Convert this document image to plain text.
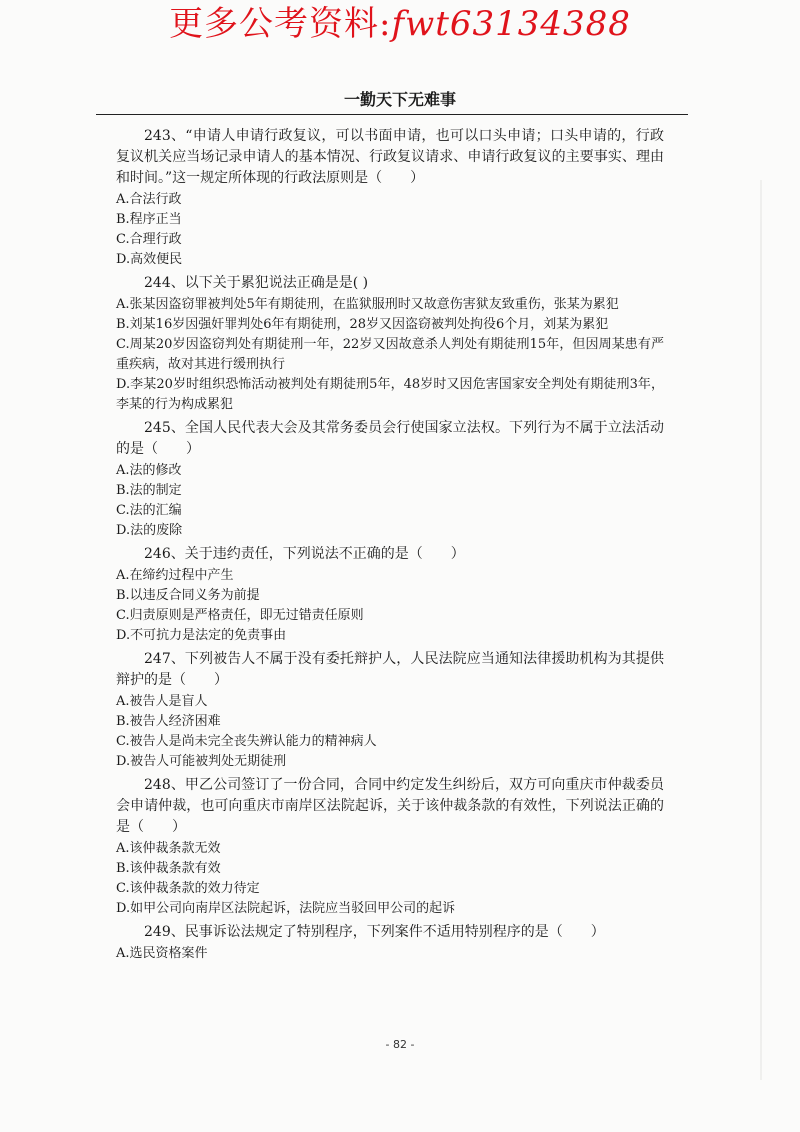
更多公考资料:fwt63134388
一勤天下无难事

243、“申请人申请行政复议，可以书面申请，也可以口头申请；口头申请的，行政复议机关应当场记录申请人的基本情况、行政复议请求、申请行政复议的主要事实、理由和时间。”这一规定所体现的行政法原则是（　　）

A.合法行政

B.程序正当

C.合理行政

D.高效便民

244、以下关于累犯说法正确是是( )

A.张某因盗窃罪被判处5年有期徒刑，在监狱服刑时又故意伤害狱友致重伤，张某为累犯

B.刘某16岁因强奸罪判处6年有期徒刑，28岁又因盗窃被判处拘役6个月，刘某为累犯

C.周某20岁因盗窃判处有期徒刑一年，22岁又因故意杀人判处有期徒刑15年，但因周某患有严重疾病，故对其进行缓刑执行

D.李某20岁时组织恐怖活动被判处有期徒刑5年，48岁时又因危害国家安全判处有期徒刑3年，李某的行为构成累犯

245、全国人民代表大会及其常务委员会行使国家立法权。下列行为不属于立法活动的是（　　）

A.法的修改

B.法的制定

C.法的汇编

D.法的废除

246、关于违约责任，下列说法不正确的是（　　）

A.在缔约过程中产生

B.以违反合同义务为前提

C.归责原则是严格责任，即无过错责任原则

D.不可抗力是法定的免责事由

247、下列被告人不属于没有委托辩护人，人民法院应当通知法律援助机构为其提供辩护的是（　　）

A.被告人是盲人

B.被告人经济困难

C.被告人是尚未完全丧失辨认能力的精神病人

D.被告人可能被判处无期徒刑

248、甲乙公司签订了一份合同，合同中约定发生纠纷后，双方可向重庆市仲裁委员会申请仲裁，也可向重庆市南岸区法院起诉，关于该仲裁条款的有效性，下列说法正确的是（　　）

A.该仲裁条款无效

B.该仲裁条款有效

C.该仲裁条款的效力待定

D.如甲公司向南岸区法院起诉，法院应当驳回甲公司的起诉

249、民事诉讼法规定了特别程序，下列案件不适用特别程序的是（　　）

A.选民资格案件

- 82 -
